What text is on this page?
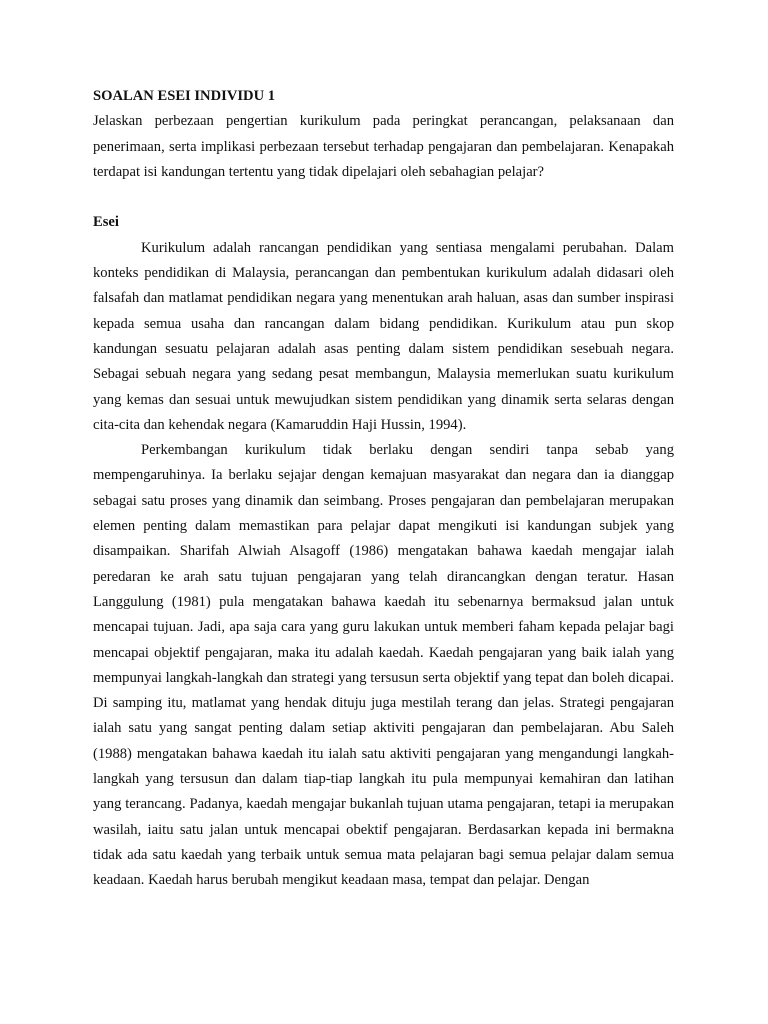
SOALAN ESEI INDIVIDU 1

Jelaskan perbezaan pengertian kurikulum pada peringkat perancangan, pelaksanaan dan penerimaan, serta implikasi perbezaan tersebut terhadap pengajaran dan pembelajaran. Kenapakah terdapat isi kandungan tertentu yang tidak dipelajari oleh sebahagian pelajar?

Esei

Kurikulum adalah rancangan pendidikan yang sentiasa mengalami perubahan. Dalam konteks pendidikan di Malaysia, perancangan dan pembentukan kurikulum adalah didasari oleh falsafah dan matlamat pendidikan negara yang menentukan arah haluan, asas dan sumber inspirasi kepada semua usaha dan rancangan dalam bidang pendidikan. Kurikulum atau pun skop kandungan sesuatu pelajaran adalah asas penting dalam sistem pendidikan sesebuah negara. Sebagai sebuah negara yang sedang pesat membangun, Malaysia memerlukan suatu kurikulum yang kemas dan sesuai untuk mewujudkan sistem pendidikan yang dinamik serta selaras dengan cita-cita dan kehendak negara (Kamaruddin Haji Hussin, 1994).

Perkembangan kurikulum tidak berlaku dengan sendiri tanpa sebab yang mempengaruhinya. Ia berlaku sejajar dengan kemajuan masyarakat dan negara dan ia dianggap sebagai satu proses yang dinamik dan seimbang. Proses pengajaran dan pembelajaran merupakan elemen penting dalam memastikan para pelajar dapat mengikuti isi kandungan subjek yang disampaikan. Sharifah Alwiah Alsagoff (1986) mengatakan bahawa kaedah mengajar ialah peredaran ke arah satu tujuan pengajaran yang telah dirancangkan dengan teratur. Hasan Langgulung (1981) pula mengatakan bahawa kaedah itu sebenarnya bermaksud jalan untuk mencapai tujuan. Jadi, apa saja cara yang guru lakukan untuk memberi faham kepada pelajar bagi mencapai objektif pengajaran, maka itu adalah kaedah. Kaedah pengajaran yang baik ialah yang mempunyai langkah-langkah dan strategi yang tersusun serta objektif yang tepat dan boleh dicapai. Di samping itu, matlamat yang hendak dituju juga mestilah terang dan jelas. Strategi pengajaran ialah satu yang sangat penting dalam setiap aktiviti pengajaran dan pembelajaran. Abu Saleh (1988) mengatakan bahawa kaedah itu ialah satu aktiviti pengajaran yang mengandungi langkah-langkah yang tersusun dan dalam tiap-tiap langkah itu pula mempunyai kemahiran dan latihan yang terancang. Padanya, kaedah mengajar bukanlah tujuan utama pengajaran, tetapi ia merupakan wasilah, iaitu satu jalan untuk mencapai obektif pengajaran. Berdasarkan kepada ini bermakna tidak ada satu kaedah yang terbaik untuk semua mata pelajaran bagi semua pelajar dalam semua keadaan. Kaedah harus berubah mengikut keadaan masa, tempat dan pelajar. Dengan
